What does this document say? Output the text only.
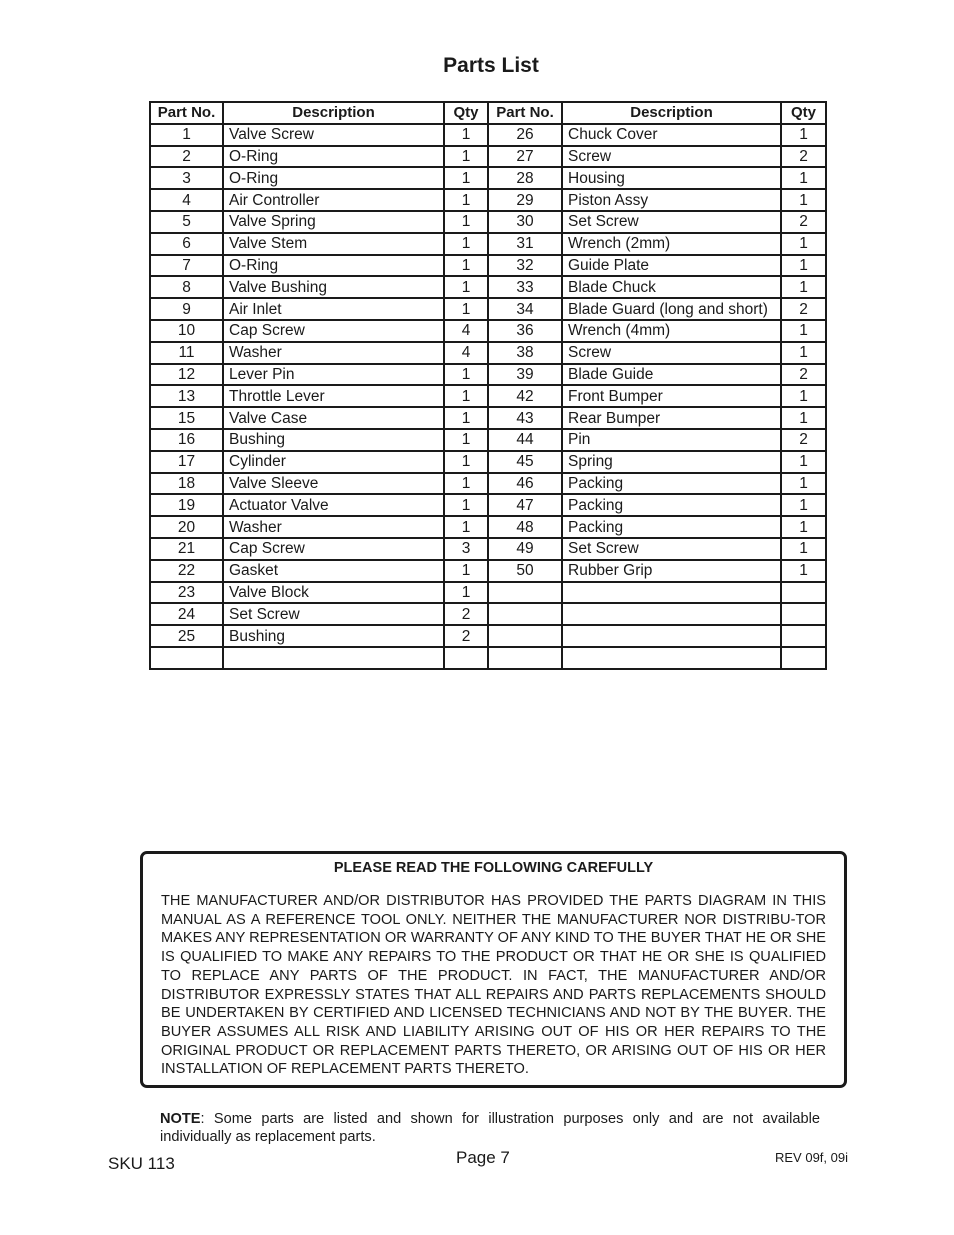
Parts List
Part No.	Description	Qty	Part No.	Description	Qty
1	Valve Screw	1	26	Chuck Cover	1
2	O-Ring	1	27	Screw	2
3	O-Ring	1	28	Housing	1
4	Air Controller	1	29	Piston Assy	1
5	Valve Spring	1	30	Set Screw	2
6	Valve Stem	1	31	Wrench (2mm)	1
7	O-Ring	1	32	Guide Plate	1
8	Valve Bushing	1	33	Blade Chuck	1
9	Air Inlet	1	34	Blade Guard (long and short)	2
10	Cap Screw	4	36	Wrench (4mm)	1
11	Washer	4	38	Screw	1
12	Lever Pin	1	39	Blade Guide	2
13	Throttle Lever	1	42	Front Bumper	1
15	Valve Case	1	43	Rear Bumper	1
16	Bushing	1	44	Pin	2
17	Cylinder	1	45	Spring	1
18	Valve Sleeve	1	46	Packing	1
19	Actuator Valve	1	47	Packing	1
20	Washer	1	48	Packing	1
21	Cap Screw	3	49	Set Screw	1
22	Gasket	1	50	Rubber Grip	1
23	Valve Block	1			
24	Set Screw	2			
25	Bushing	2			

PLEASE READ THE FOLLOWING CAREFULLY

THE MANUFACTURER AND/OR DISTRIBUTOR HAS PROVIDED THE PARTS DIAGRAM IN THIS MANUAL AS A REFERENCE TOOL ONLY. NEITHER THE MANUFACTURER NOR DISTRIBU-TOR MAKES ANY REPRESENTATION OR WARRANTY OF ANY KIND TO THE BUYER THAT HE OR SHE IS QUALIFIED TO MAKE ANY REPAIRS TO THE PRODUCT OR THAT HE OR SHE IS QUALIFIED TO REPLACE ANY PARTS OF THE PRODUCT. IN FACT, THE MANUFACTURER AND/OR DISTRIBUTOR EXPRESSLY STATES THAT ALL REPAIRS AND PARTS REPLACEMENTS SHOULD BE UNDERTAKEN BY CERTIFIED AND LICENSED TECHNICIANS AND NOT BY THE BUYER. THE BUYER ASSUMES ALL RISK AND LIABILITY ARISING OUT OF HIS OR HER REPAIRS TO THE ORIGINAL PRODUCT OR REPLACEMENT PARTS THERETO, OR ARISING OUT OF HIS OR HER INSTALLATION OF REPLACEMENT PARTS THERETO.

NOTE: Some parts are listed and shown for illustration purposes only and are not available individually as replacement parts.

SKU 113	Page 7	REV 09f, 09i
